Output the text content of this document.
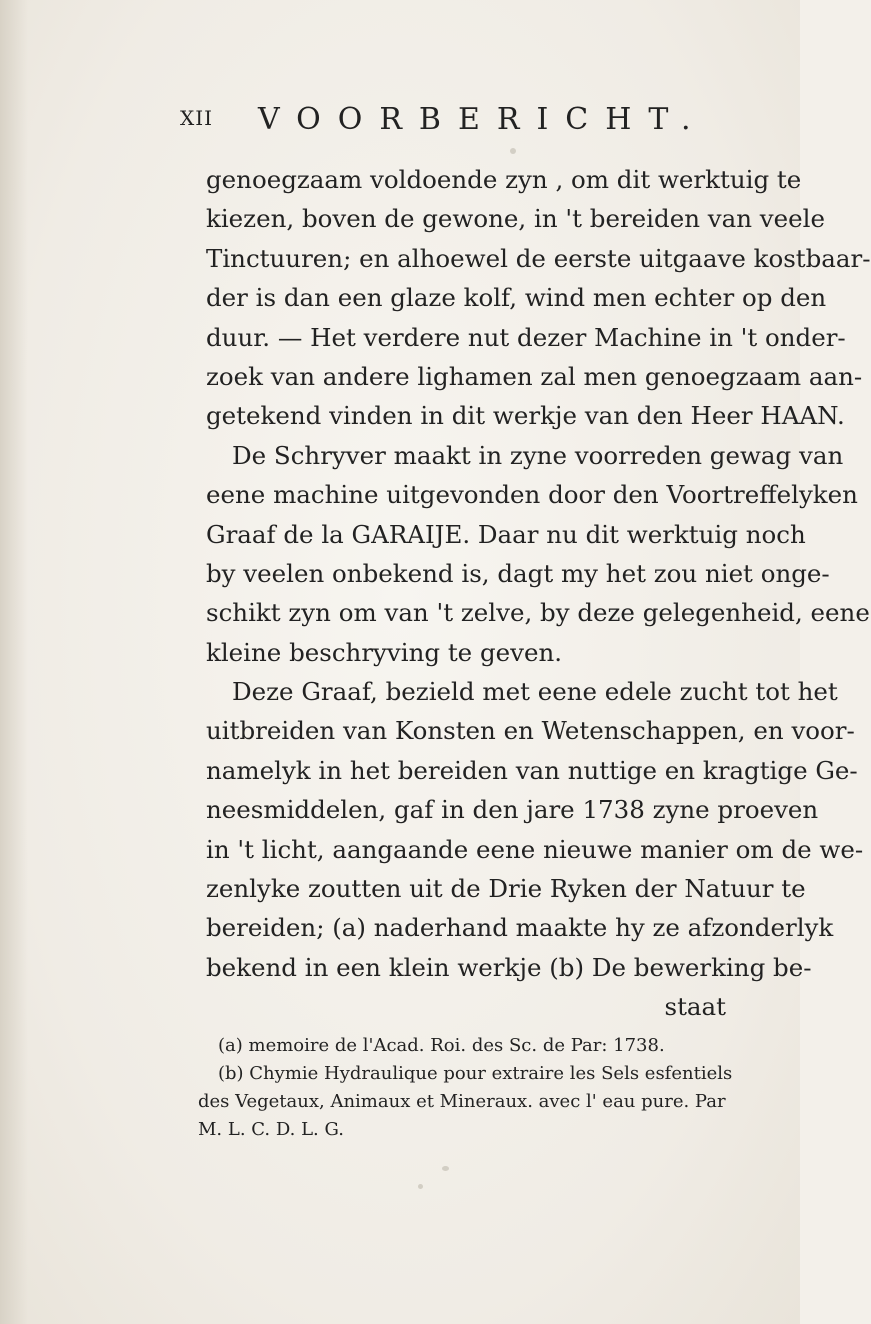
XII VOORBERICHT.
genoegzaam voldoende zyn , om dit werktuig te
kiezen, boven de gewone, in 't bereiden van veele
Tinctuuren; en alhoewel de eerste uitgaave kostbaar-
der is dan een glaze kolf, wind men echter op den
duur. — Het verdere nut dezer Machine in 't onder-
zoek van andere lighamen zal men genoegzaam aan-
getekend vinden in dit werkje van den Heer HAAN.
De Schryver maakt in zyne voorreden gewag van
eene machine uitgevonden door den Voortreffelyken
Graaf de la GARAIJE. Daar nu dit werktuig noch
by veelen onbekend is, dagt my het zou niet onge-
schikt zyn om van 't zelve, by deze gelegenheid, eene
kleine beschryving te geven.
Deze Graaf, bezield met eene edele zucht tot het
uitbreiden van Konsten en Wetenschappen, en voor-
namelyk in het bereiden van nuttige en kragtige Ge-
neesmiddelen, gaf in den jare 1738 zyne proeven
in 't licht, aangaande eene nieuwe manier om de we-
zenlyke zoutten uit de Drie Ryken der Natuur te
bereiden; (a) naderhand maakte hy ze afzonderlyk
bekend in een klein werkje (b) De bewerking be-
staat
(a) memoire de l'Acad. Roi. des Sc. de Par: 1738.
(b) Chymie Hydraulique pour extraire les Sels esfentiels
des Vegetaux, Animaux et Mineraux. avec l' eau pure. Par
M. L. C. D. L. G.
